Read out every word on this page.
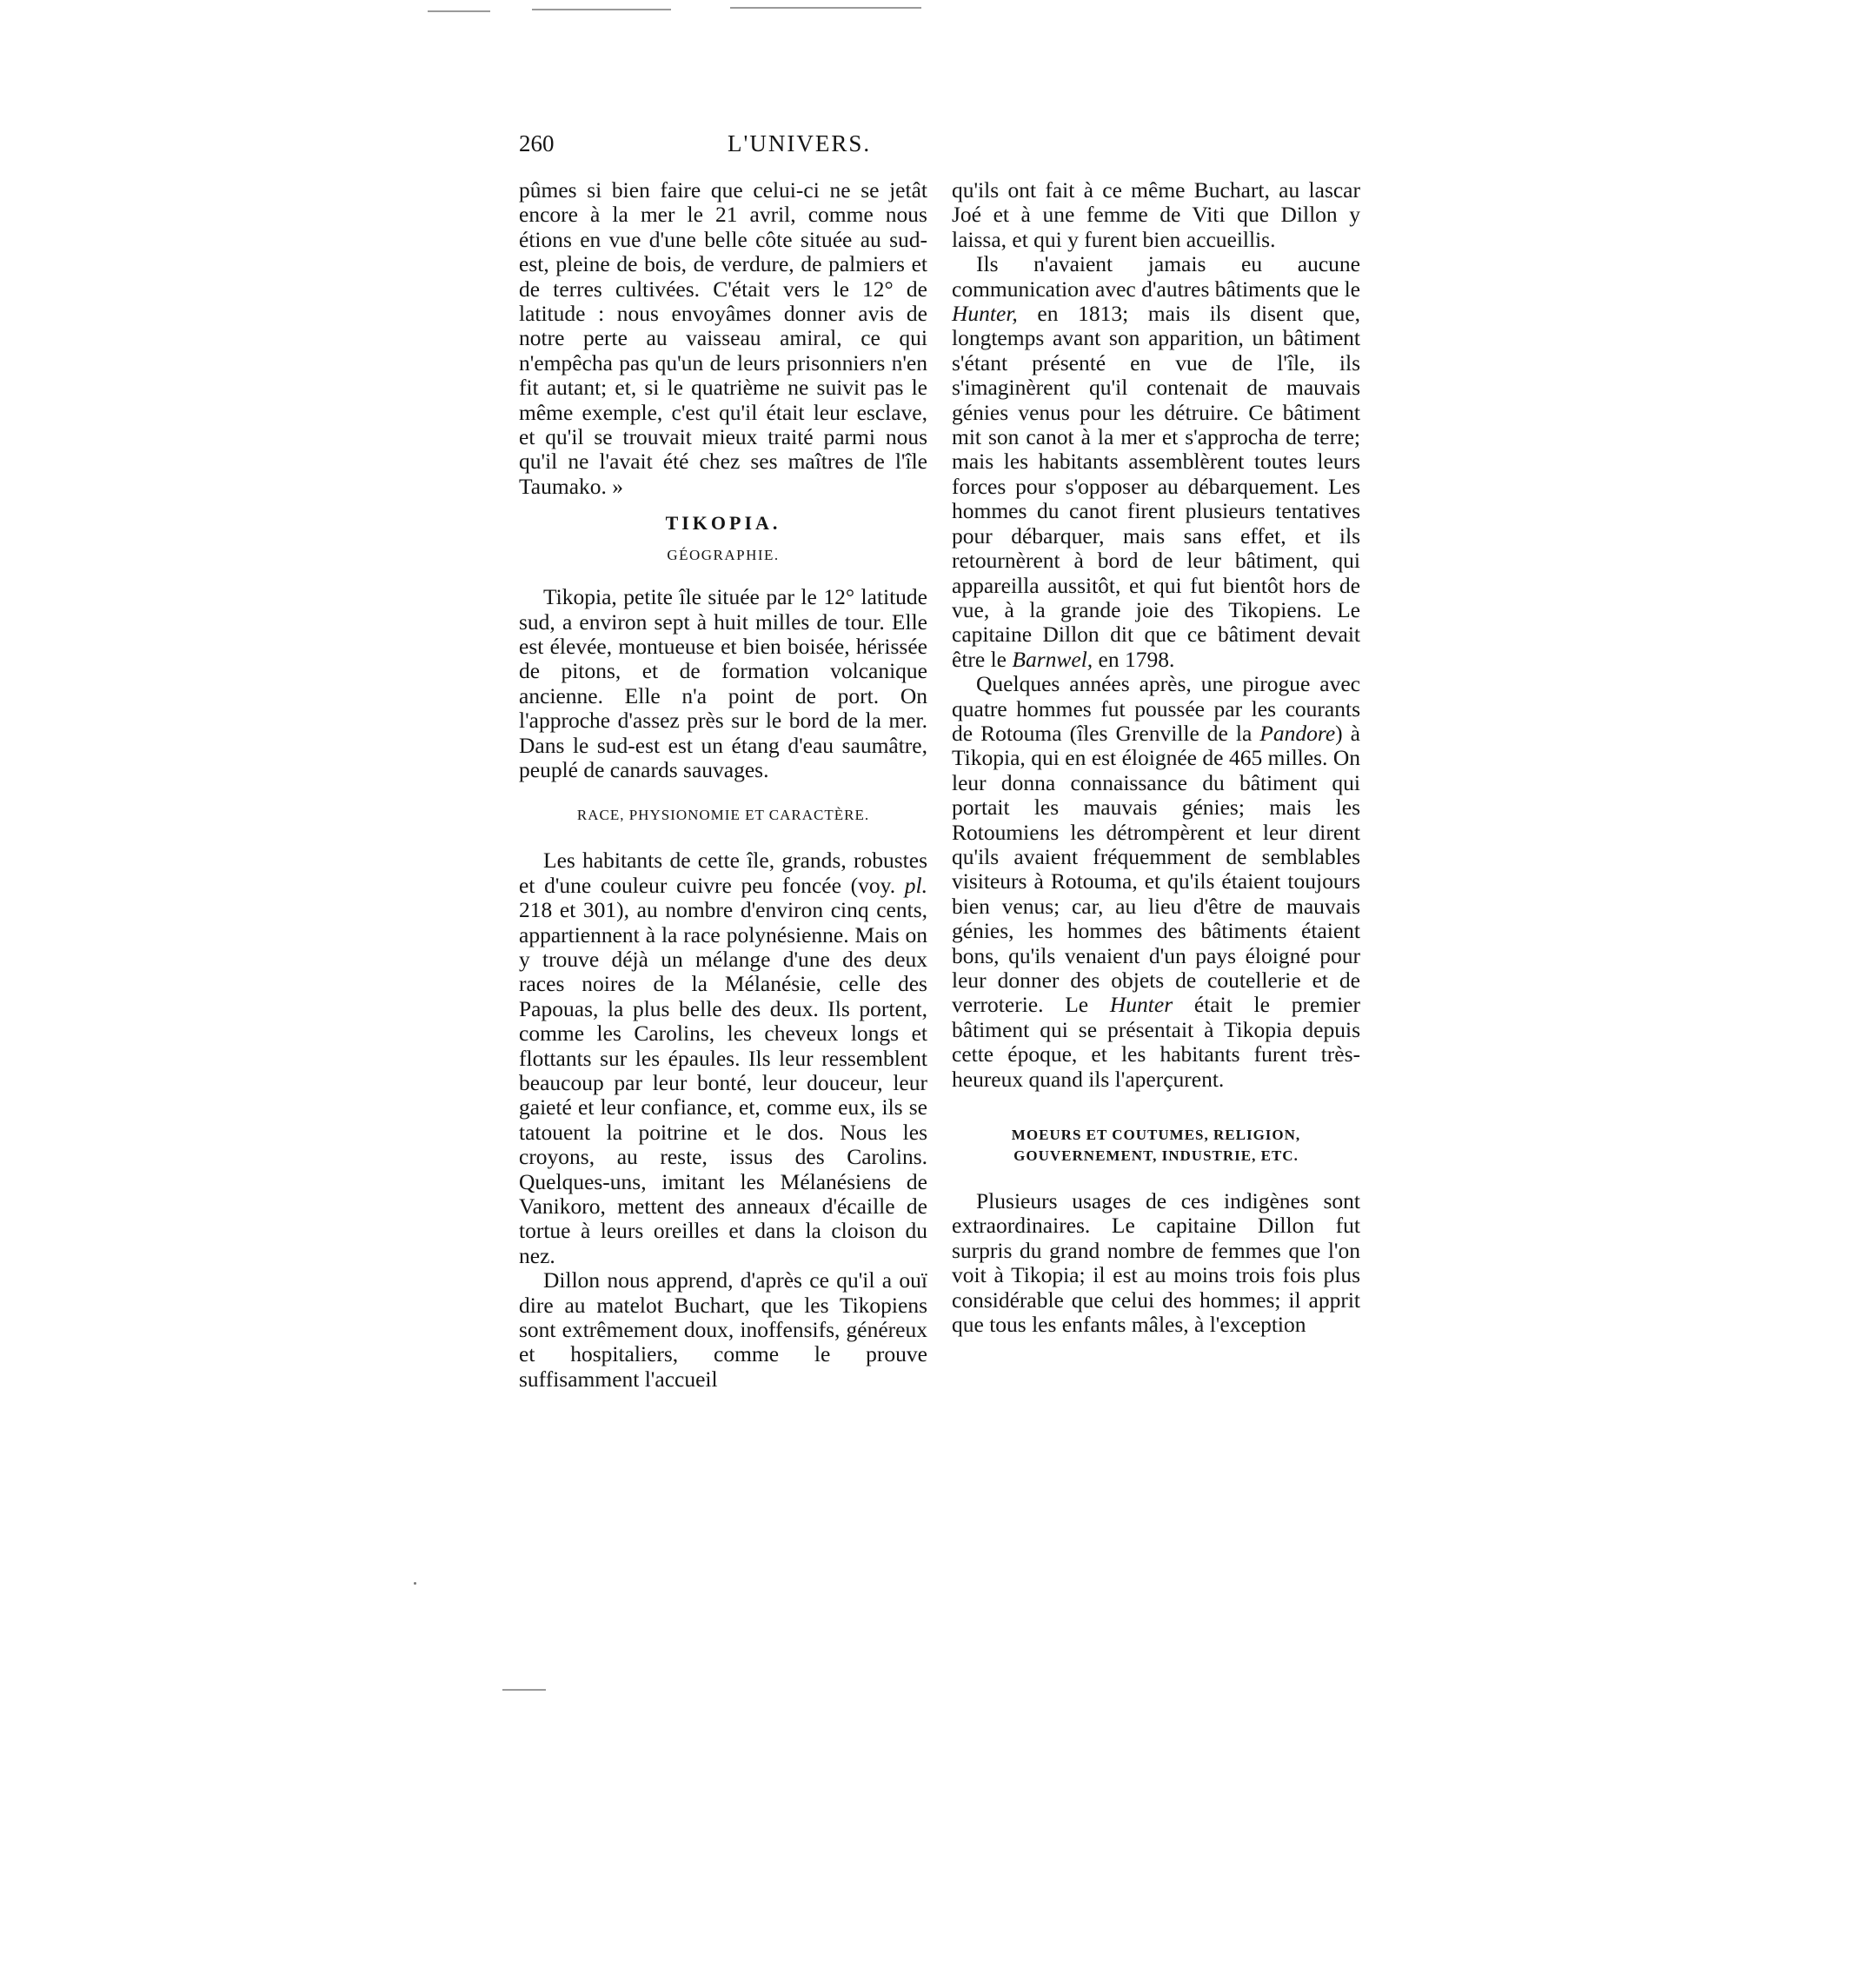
260	L'UNIVERS.

pûmes si bien faire que celui-ci ne se jetât encore à la mer le 21 avril, comme nous étions en vue d'une belle côte située au sud-est, pleine de bois, de verdure, de palmiers et de terres cultivées. C'était vers le 12° de latitude : nous envoyâmes donner avis de notre perte au vaisseau amiral, ce qui n'empêcha pas qu'un de leurs prisonniers n'en fit autant; et, si le quatrième ne suivit pas le même exemple, c'est qu'il était leur esclave, et qu'il se trouvait mieux traité parmi nous qu'il ne l'avait été chez ses maîtres de l'île Taumako. »

TIKOPIA.
GÉOGRAPHIE.

Tikopia, petite île située par le 12° latitude sud, a environ sept à huit milles de tour. Elle est élevée, montueuse et bien boisée, hérissée de pitons, et de formation volcanique ancienne. Elle n'a point de port. On l'approche d'assez près sur le bord de la mer. Dans le sud-est est un étang d'eau saumâtre, peuplé de canards sauvages.

RACE, PHYSIONOMIE ET CARACTÈRE.

Les habitants de cette île, grands, robustes et d'une couleur cuivre peu foncée (voy. pl. 218 et 301), au nombre d'environ cinq cents, appartiennent à la race polynésienne. Mais on y trouve déjà un mélange d'une des deux races noires de la Mélanésie, celle des Papouas, la plus belle des deux. Ils portent, comme les Carolins, les cheveux longs et flottants sur les épaules. Ils leur ressemblent beaucoup par leur bonté, leur douceur, leur gaieté et leur confiance, et, comme eux, ils se tatouent la poitrine et le dos. Nous les croyons, au reste, issus des Carolins. Quelques-uns, imitant les Mélanésiens de Vanikoro, mettent des anneaux d'écaille de tortue à leurs oreilles et dans la cloison du nez.

Dillon nous apprend, d'après ce qu'il a ouï dire au matelot Buchart, que les Tikopiens sont extrêmement doux, inoffensifs, généreux et hospitaliers, comme le prouve suffisamment l'accueil

qu'ils ont fait à ce même Buchart, au lascar Joé et à une femme de Viti que Dillon y laissa, et qui y furent bien accueillis.

Ils n'avaient jamais eu aucune communication avec d'autres bâtiments que le Hunter, en 1813; mais ils disent que, longtemps avant son apparition, un bâtiment s'étant présenté en vue de l'île, ils s'imaginèrent qu'il contenait de mauvais génies venus pour les détruire. Ce bâtiment mit son canot à la mer et s'approcha de terre; mais les habitants assemblèrent toutes leurs forces pour s'opposer au débarquement. Les hommes du canot firent plusieurs tentatives pour débarquer, mais sans effet, et ils retournèrent à bord de leur bâtiment, qui appareilla aussitôt, et qui fut bientôt hors de vue, à la grande joie des Tikopiens. Le capitaine Dillon dit que ce bâtiment devait être le Barnwel, en 1798.

Quelques années après, une pirogue avec quatre hommes fut poussée par les courants de Rotouma (îles Grenville de la Pandore) à Tikopia, qui en est éloignée de 465 milles. On leur donna connaissance du bâtiment qui portait les mauvais génies; mais les Rotoumiens les détrompèrent et leur dirent qu'ils avaient fréquemment de semblables visiteurs à Rotouma, et qu'ils étaient toujours bien venus; car, au lieu d'être de mauvais génies, les hommes des bâtiments étaient bons, qu'ils venaient d'un pays éloigné pour leur donner des objets de coutellerie et de verroterie. Le Hunter était le premier bâtiment qui se présentait à Tikopia depuis cette époque, et les habitants furent très-heureux quand ils l'aperçurent.

MOEURS ET COUTUMES, RELIGION, GOUVERNEMENT, INDUSTRIE, ETC.

Plusieurs usages de ces indigènes sont extraordinaires. Le capitaine Dillon fut surpris du grand nombre de femmes que l'on voit à Tikopia; il est au moins trois fois plus considérable que celui des hommes; il apprit que tous les enfants mâles, à l'exception
